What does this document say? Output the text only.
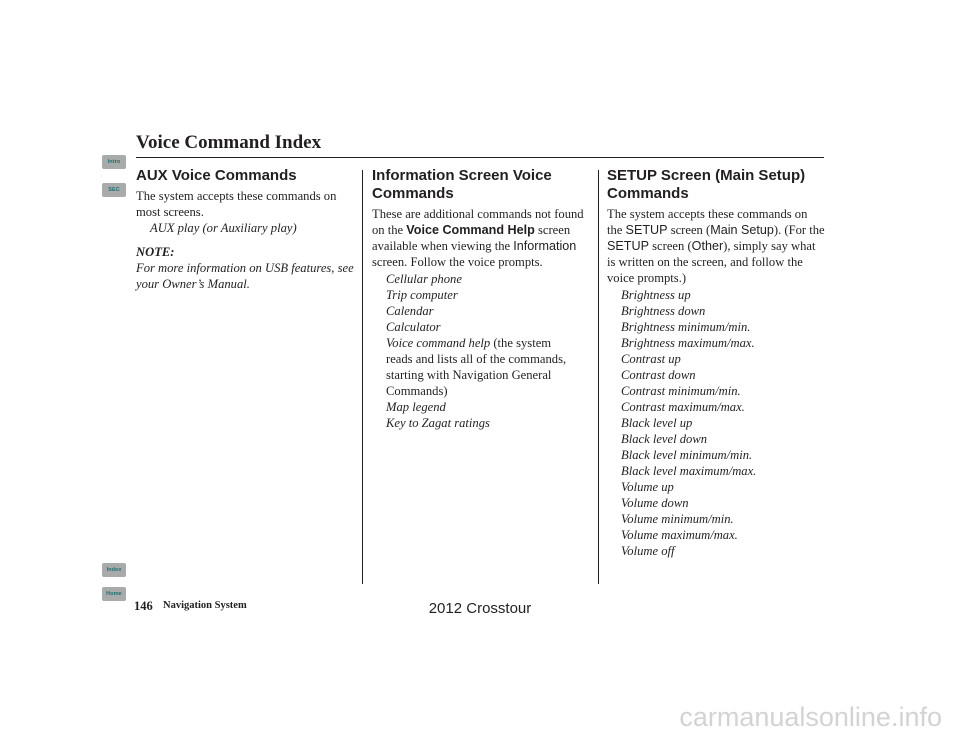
Voice Command Index
Intro
SEC
Index
Home
AUX Voice Commands

The system accepts these commands on most screens.

AUX play (or Auxiliary play)
NOTE:
For more information on USB features, see your Owner’s Manual.
Information Screen Voice Commands

These are additional commands not found on the Voice Command Help screen available when viewing the Information screen. Follow the voice prompts.

Cellular phone
Trip computer
Calendar
Calculator
Voice command help (the system reads and lists all of the commands, starting with Navigation General Commands)
Map legend
Key to Zagat ratings
SETUP Screen (Main Setup) Commands

The system accepts these commands on the SETUP screen (Main Setup). (For the SETUP screen (Other), simply say what is written on the screen, and follow the voice prompts.)

Brightness up
Brightness down
Brightness minimum/min.
Brightness maximum/max.
Contrast up
Contrast down
Contrast minimum/min.
Contrast maximum/max.
Black level up
Black level down
Black level minimum/min.
Black level maximum/max.
Volume up
Volume down
Volume minimum/min.
Volume maximum/max.
Volume off
146 Navigation System	2012 Crosstour
carmanualsonline.info
